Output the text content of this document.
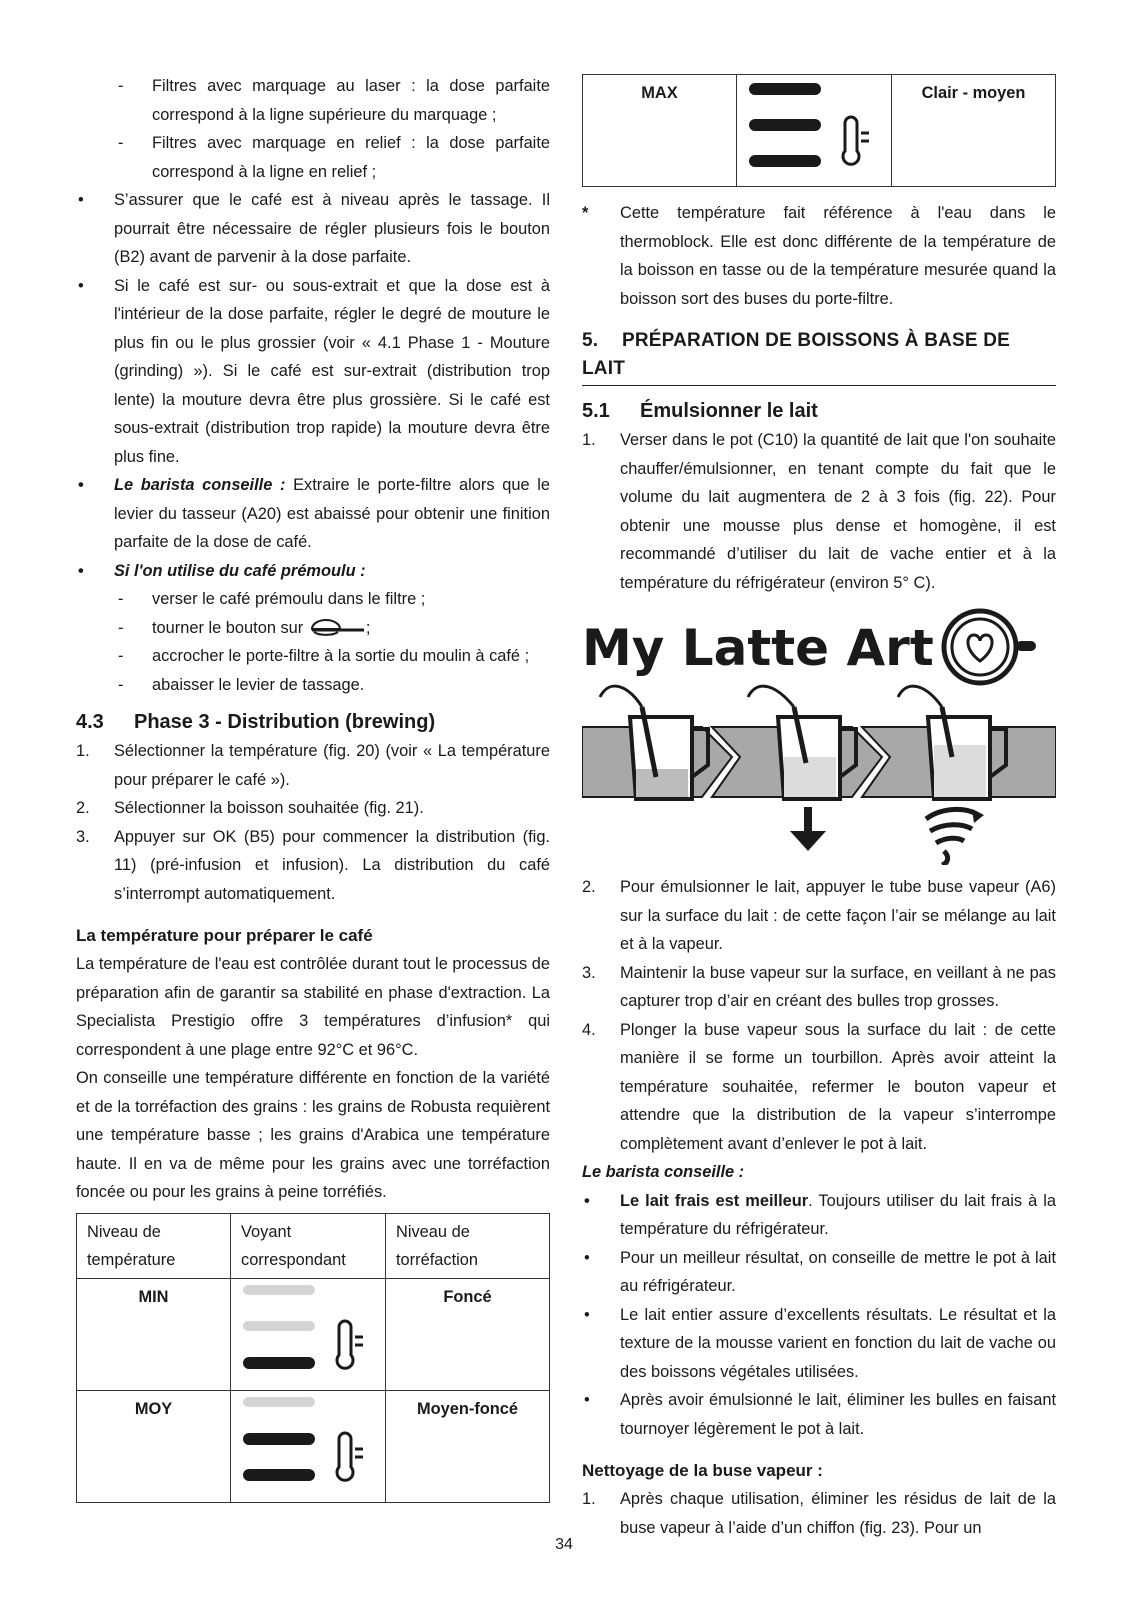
- Filtres avec marquage au laser : la dose parfaite correspond à la ligne supérieure du marquage ;
- Filtres avec marquage en relief : la dose parfaite correspond à la ligne en relief ;
• S’assurer que le café est à niveau après le tassage. Il pourrait être nécessaire de régler plusieurs fois le bouton (B2) avant de parvenir à la dose parfaite.
• Si le café est sur- ou sous-extrait et que la dose est à l'intérieur de la dose parfaite, régler le degré de mouture le plus fin ou le plus grossier (voir « 4.1 Phase 1 - Mouture (grinding) »). Si le café est sur-extrait (distribution trop lente) la mouture devra être plus grossière. Si le café est sous-extrait (distribution trop rapide) la mouture devra être plus fine.
• Le barista conseille : Extraire le porte-filtre alors que le levier du tasseur (A20) est abaissé pour obtenir une finition parfaite de la dose de café.
• Si l'on utilise du café prémoulu :
- verser le café prémoulu dans le filtre ;
- tourner le bouton sur	;
- accrocher le porte-filtre à la sortie du moulin à café ;
- abaisser le levier de tassage.
4.3 Phase 3 - Distribution (brewing)
1. Sélectionner la température (fig. 20) (voir « La température pour préparer le café »).
2. Sélectionner la boisson souhaitée (fig. 21).
3. Appuyer sur OK (B5) pour commencer la distribution (fig. 11) (pré-infusion et infusion). La distribution du café s’interrompt automatiquement.
La température pour préparer le café

La température de l'eau est contrôlée durant tout le processus de préparation afin de garantir sa stabilité en phase d'extraction. La Specialista Prestigio offre 3 températures d’infusion* qui correspondent à une plage entre 92°C et 96°C.

On conseille une température différente en fonction de la variété et de la torréfaction des grains : les grains de Robusta requièrent une température basse ; les grains d'Arabica une température haute. Il en va de même pour les grains avec une torréfaction foncée ou pour les grains à peine torréfiés.

Niveau de température	Voyant correspondant	Niveau de torréfaction
MIN		Foncé
MOY		Moyen-foncé
MAX		Clair - moyen
* Cette température fait référence à l'eau dans le thermoblock. Elle est donc différente de la température de la boisson en tasse ou de la température mesurée quand la boisson sort des buses du porte-filtre.
5. PRÉPARATION DE BOISSONS À BASE DE LAIT
5.1 Émulsionner le lait
1. Verser dans le pot (C10) la quantité de lait que l'on souhaite chauffer/émulsionner, en tenant compte du fait que le volume du lait augmentera de 2 à 3 fois (fig. 22). Pour obtenir une mousse plus dense et homogène, il est recommandé d’utiliser du lait de vache entier et à la température du réfrigérateur (environ 5° C).
My Latte Art
2. Pour émulsionner le lait, appuyer le tube buse vapeur (A6) sur la surface du lait : de cette façon l’air se mélange au lait et à la vapeur.
3. Maintenir la buse vapeur sur la surface, en veillant à ne pas capturer trop d’air en créant des bulles trop grosses.
4. Plonger la buse vapeur sous la surface du lait : de cette manière il se forme un tourbillon. Après avoir atteint la température souhaitée, refermer le bouton vapeur et attendre que la distribution de la vapeur s’interrompe complètement avant d’enlever le pot à lait.
Le barista conseille :
• Le lait frais est meilleur. Toujours utiliser du lait frais à la température du réfrigérateur.
• Pour un meilleur résultat, on conseille de mettre le pot à lait au réfrigérateur.
• Le lait entier assure d’excellents résultats. Le résultat et la texture de la mousse varient en fonction du lait de vache ou des boissons végétales utilisées.
• Après avoir émulsionné le lait, éliminer les bulles en faisant tournoyer légèrement le pot à lait.
Nettoyage de la buse vapeur :
1. Après chaque utilisation, éliminer les résidus de lait de la buse vapeur à l’aide d’un chiffon (fig. 23). Pour un
34
